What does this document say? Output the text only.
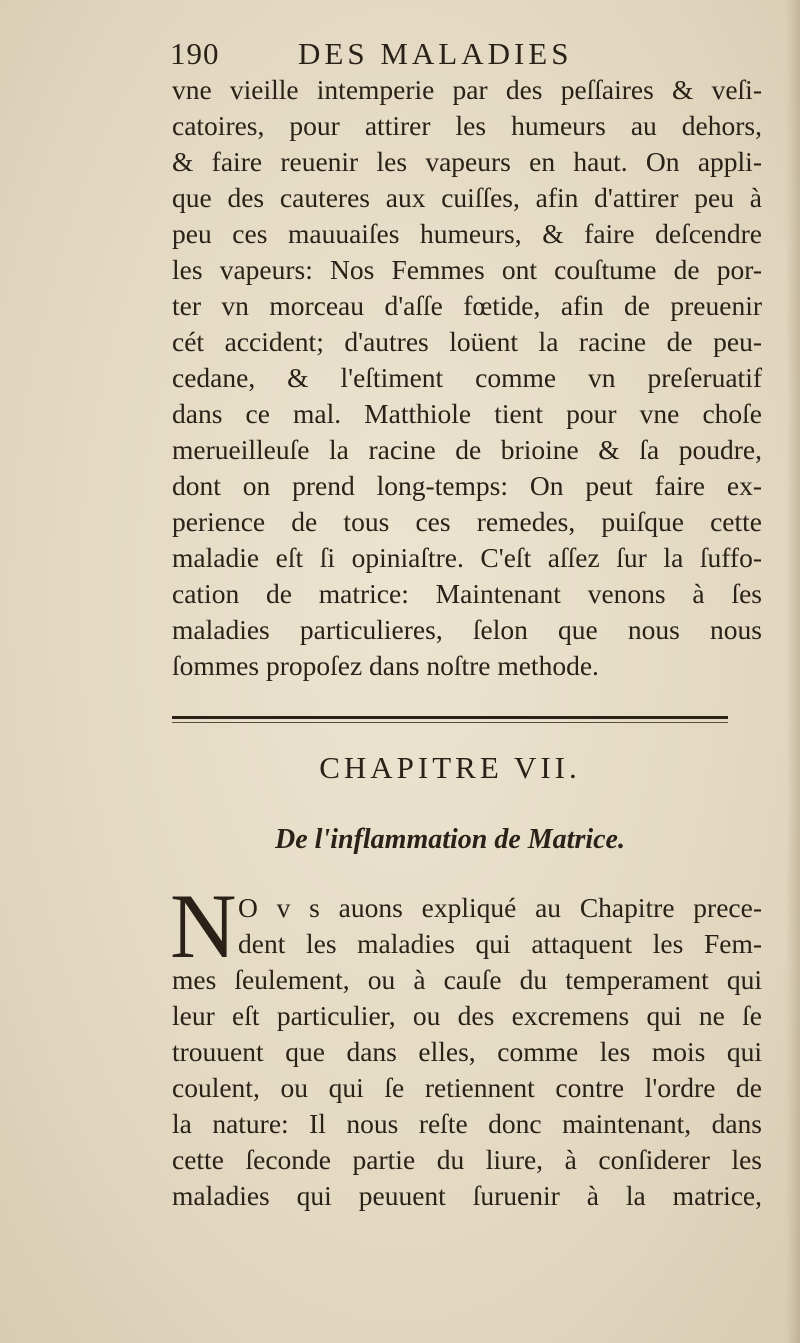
190	DES MALADIES
vne vieille intemperie par des peſſaires & veſi-
catoires, pour attirer les humeurs au dehors,
& faire reuenir les vapeurs en haut. On appli-
que des cauteres aux cuiſſes, afin d'attirer peu à
peu ces mauuaiſes humeurs, & faire deſcendre
les vapeurs: Nos Femmes ont couſtume de por-
ter vn morceau d'aſſe fœtide, afin de preuenir
cét accident; d'autres loüent la racine de peu-
cedane, & l'eſtiment comme vn preſeruatif
dans ce mal. Matthiole tient pour vne choſe
merueilleuſe la racine de brioine & ſa poudre,
dont on prend long-temps: On peut faire ex-
perience de tous ces remedes, puiſque cette
maladie eſt ſi opiniaſtre. C'eſt aſſez ſur la ſuffo-
cation de matrice: Maintenant venons à ſes
maladies particulieres, ſelon que nous nous
ſommes propoſez dans noſtre methode.
CHAPITRE VII.
De l'inflammation de Matrice.
N O v s auons expliqué au Chapitre prece-
dent les maladies qui attaquent les Fem-
mes ſeulement, ou à cauſe du temperament qui
leur eſt particulier, ou des excremens qui ne ſe
trouuent que dans elles, comme les mois qui
coulent, ou qui ſe retiennent contre l'ordre de
la nature: Il nous reſte donc maintenant, dans
cette ſeconde partie du liure, à conſiderer les
maladies qui peuuent ſuruenir à la matrice,
